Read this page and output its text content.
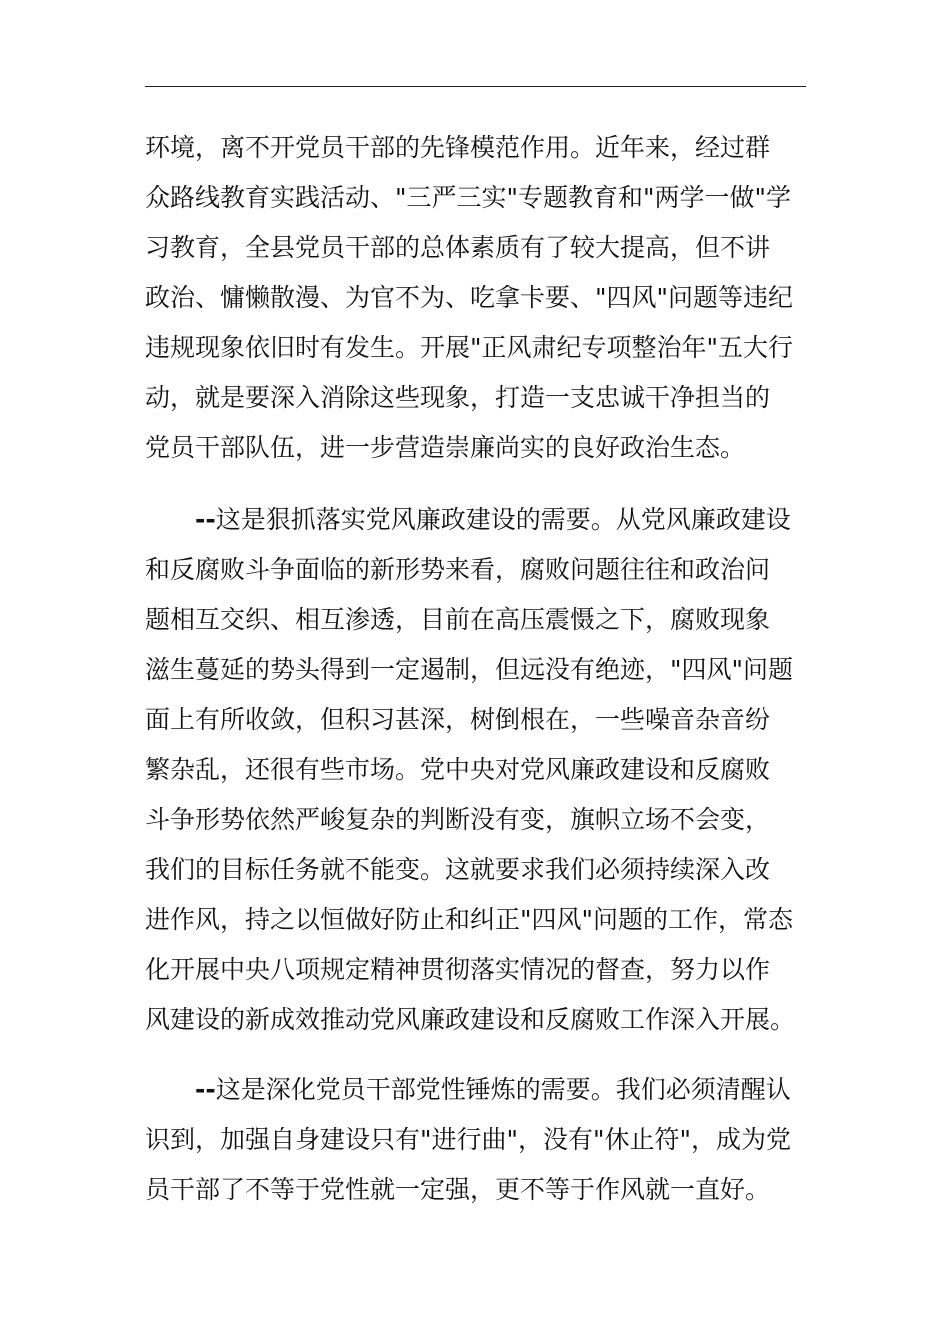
环境，离不开党员干部的先锋模范作用。近年来，经过群
众路线教育实践活动、"三严三实"专题教育和"两学一做"学
习教育，全县党员干部的总体素质有了较大提高，但不讲
政治、慵懒散漫、为官不为、吃拿卡要、"四风"问题等违纪
违规现象依旧时有发生。开展"正风肃纪专项整治年"五大行
动，就是要深入消除这些现象，打造一支忠诚干净担当的
党员干部队伍，进一步营造崇廉尚实的良好政治生态。
--这是狠抓落实党风廉政建设的需要。从党风廉政建设
和反腐败斗争面临的新形势来看，腐败问题往往和政治问
题相互交织、相互渗透，目前在高压震慑之下，腐败现象
滋生蔓延的势头得到一定遏制，但远没有绝迹，"四风"问题
面上有所收敛，但积习甚深，树倒根在，一些噪音杂音纷
繁杂乱，还很有些市场。党中央对党风廉政建设和反腐败
斗争形势依然严峻复杂的判断没有变，旗帜立场不会变，
我们的目标任务就不能变。这就要求我们必须持续深入改
进作风，持之以恒做好防止和纠正"四风"问题的工作，常态
化开展中央八项规定精神贯彻落实情况的督查，努力以作
风建设的新成效推动党风廉政建设和反腐败工作深入开展。
--这是深化党员干部党性锤炼的需要。我们必须清醒认
识到，加强自身建设只有"进行曲"，没有"休止符"，成为党
员干部了不等于党性就一定强，更不等于作风就一直好。
